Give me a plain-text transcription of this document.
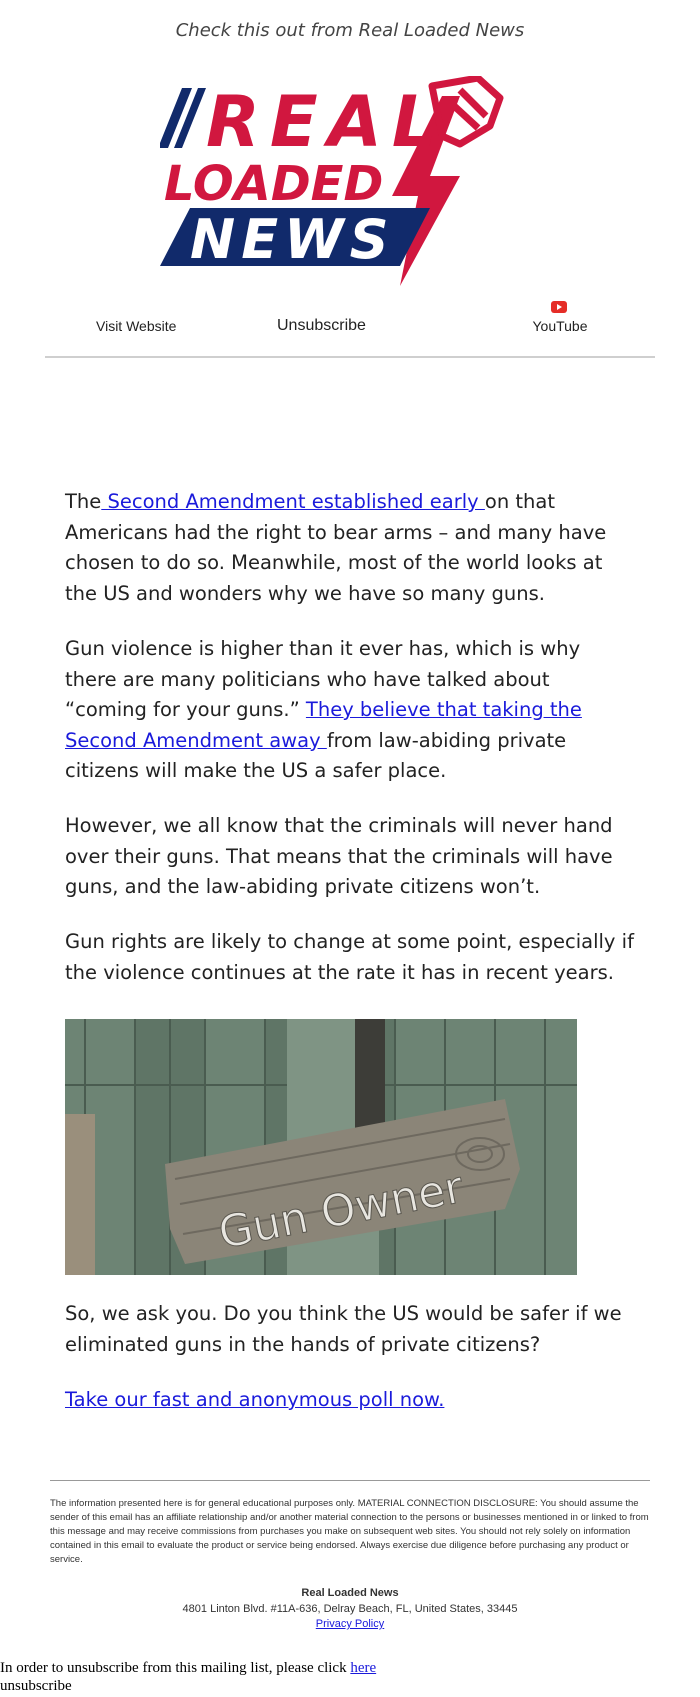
Check this out from Real Loaded News
REAL
LOADED
NEWS
Visit Website	Unsubscribe	YouTube

The Second Amendment established early on that Americans had the right to bear arms – and many have chosen to do so. Meanwhile, most of the world looks at the US and wonders why we have so many guns.

Gun violence is higher than it ever has, which is why there are many politicians who have talked about “coming for your guns.” They believe that taking the Second Amendment away from law-abiding private citizens will make the US a safer place.

However, we all know that the criminals will never hand over their guns. That means that the criminals will have guns, and the law-abiding private citizens won’t.

Gun rights are likely to change at some point, especially if the violence continues at the rate it has in recent years.

Gun Owner

So, we ask you. Do you think the US would be safer if we eliminated guns in the hands of private citizens?

Take our fast and anonymous poll now.

The information presented here is for general educational purposes only. MATERIAL CONNECTION DISCLOSURE: You should assume the sender of this email has an affiliate relationship and/or another material connection to the persons or businesses mentioned in or linked to from this message and may receive commissions from purchases you make on subsequent web sites. You should not rely solely on information contained in this email to evaluate the product or service being endorsed. Always exercise due diligence before purchasing any product or service.
Real Loaded News
4801 Linton Blvd. #11A-636, Delray Beach, FL, United States, 33445
Privacy Policy
In order to unsubscribe from this mailing list, please click here
unsubscribe
